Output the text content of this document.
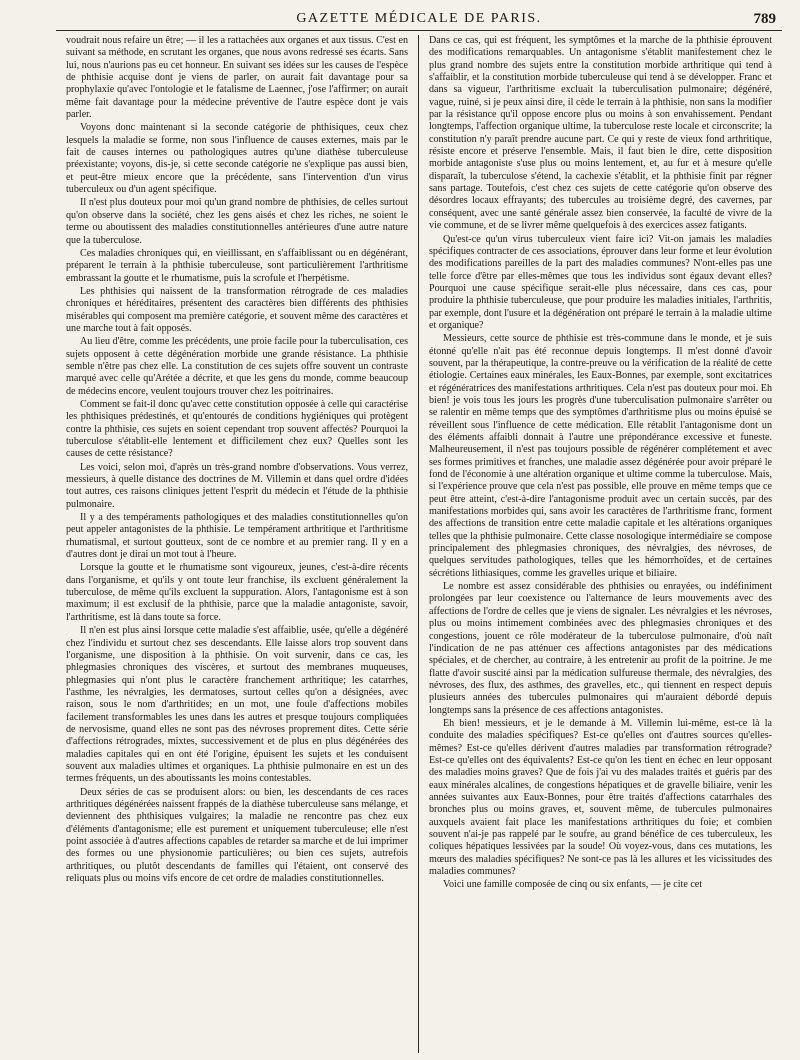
GAZETTE MÉDICALE DE PARIS.	789

voudrait nous refaire un être; — il les a rattachées aux organes et aux tissus. C'est en suivant sa méthode, en scrutant les organes, que nous avons redressé ses écarts. Sans lui, nous n'aurions pas eu cet honneur. En suivant ses idées sur les causes de l'espèce de phthisie acquise dont je viens de parler, on aurait fait davantage pour sa prophylaxie qu'avec l'ontologie et le fatalisme de Laennec, j'ose l'affirmer; on aurait même fait davantage pour la médecine préventive de l'autre espèce dont je vais parler.

Voyons donc maintenant si la seconde catégorie de phthisiques, ceux chez lesquels la maladie se forme, non sous l'influence de causes externes, mais par le fait de causes internes ou pathologiques autres qu'une diathèse tuberculeuse préexistante; voyons, dis-je, si cette seconde catégorie ne s'explique pas aussi bien, et peut-être mieux encore que la précédente, sans l'intervention d'un virus tuberculeux ou d'un agent spécifique.

Il n'est plus douteux pour moi qu'un grand nombre de phthisies, de celles surtout qu'on observe dans la société, chez les gens aisés et chez les riches, ne soient le terme ou aboutissent des maladies constitutionnelles antérieures d'une autre nature que la tuberculose.

Ces maladies chroniques qui, en vieillissant, en s'affaiblissant ou en dégénérant, préparent le terrain à la phthisie tuberculeuse, sont particulièrement l'arthritisme embrassant la goutte et le rhumatisme, puis la scrofule et l'herpétisme.

Les phthisies qui naissent de la transformation rétrograde de ces maladies chroniques et héréditaires, présentent des caractères bien différents des phthisies misérables qui composent ma première catégorie, et souvent même des caractères et une marche tout à fait opposés.

Au lieu d'être, comme les précédents, une proie facile pour la tuberculisation, ces sujets opposent à cette dégénération morbide une grande résistance. La phthisie semble n'être pas chez elle. La constitution de ces sujets offre souvent un contraste marqué avec celle qu'Arétée a décrite, et que les gens du monde, comme beaucoup de médecins encore, veulent toujours trouver chez les poitrinaires.

Comment se fait-il donc qu'avec cette constitution opposée à celle qui caractérise les phthisiques prédestinés, et qu'entourés de conditions hygiéniques qui protègent contre la phthisie, ces sujets en soient cependant trop souvent affectés? Pourquoi la tuberculose s'établit-elle lentement et difficilement chez eux? Quelles sont les causes de cette résistance?

Les voici, selon moi, d'après un très-grand nombre d'observations. Vous verrez, messieurs, à quelle distance des doctrines de M. Villemin et dans quel ordre d'idées tout autres, ces raisons cliniques jettent l'esprit du médecin et l'étude de la phthisie pulmonaire.

Il y a des tempéraments pathologiques et des maladies constitutionnelles qu'on peut appeler antagonistes de la phthisie. Le tempérament arthritique et l'arthritisme rhumatismal, et surtout goutteux, sont de ce nombre et au premier rang. Il y en a d'autres dont je dirai un mot tout à l'heure.

Lorsque la goutte et le rhumatisme sont vigoureux, jeunes, c'est-à-dire récents dans l'organisme, et qu'ils y ont toute leur franchise, ils excluent généralement la tuberculose, de même qu'ils excluent la suppuration. Alors, l'antagonisme est à son maximum; il est exclusif de la phthisie, parce que la maladie antagoniste, savoir, l'arthritisme, est là dans toute sa force.

Il n'en est plus ainsi lorsque cette maladie s'est affaiblie, usée, qu'elle a dégénéré chez l'individu et surtout chez ses descendants. Elle laisse alors trop souvent dans l'organisme, une disposition à la phthisie. On voit survenir, dans ce cas, les phlegmasies chroniques des viscères, et surtout des membranes muqueuses, phlegmasies qui n'ont plus le caractère franchement arthritique; les catarrhes, l'asthme, les névralgies, les dermatoses, surtout celles qu'on a désignées, avec raison, sous le nom d'arthritides; en un mot, une foule d'affections mobiles facilement transformables les unes dans les autres et presque toujours compliquées de nervosisme, quand elles ne sont pas des névroses proprement dites. Cette série d'affections rétrogrades, mixtes, successivement et de plus en plus dégénérées des maladies capitales qui en ont été l'origine, épuisent les sujets et les conduisent souvent aux maladies ultimes et organiques. La phthisie pulmonaire en est un des termes fréquents, un des aboutissants les moins contestables.

Deux séries de cas se produisent alors: ou bien, les descendants de ces races arthritiques dégénérées naissent frappés de la diathèse tuberculeuse sans mélange, et deviennent des phthisiques vulgaires; la maladie ne rencontre pas chez eux d'éléments d'antagonisme; elle est purement et uniquement tuberculeuse; elle n'est point associée à d'autres affections capables de retarder sa marche et de lui imprimer des formes ou une physionomie particulières; ou bien ces sujets, autrefois arthritiques, ou plutôt descendants de familles qui l'étaient, ont conservé des reliquats plus ou moins vifs encore de cet ordre de maladies constitutionnelles.

Dans ce cas, qui est fréquent, les symptômes et la marche de la phthisie éprouvent des modifications remarquables. Un antagonisme s'établit manifestement chez le plus grand nombre des sujets entre la constitution morbide arthritique qui tend à s'affaiblir, et la constitution morbide tuberculeuse qui tend à se développer. Franc et dans sa vigueur, l'arthritisme excluait la tuberculisation pulmonaire; dégénéré, vague, ruiné, si je peux ainsi dire, il cède le terrain à la phthisie, non sans la modifier par la résistance qu'il oppose encore plus ou moins à son envahissement. Pendant longtemps, l'affection organique ultime, la tuberculose reste locale et circonscrite; la constitution n'y paraît prendre aucune part. Ce qui y reste de vieux fond arthritique, résiste encore et préserve l'ensemble. Mais, il faut bien le dire, cette disposition morbide antagoniste s'use plus ou moins lentement, et, au fur et à mesure qu'elle disparaît, la tuberculose s'étend, la cachexie s'établit, et la phthisie finit par régner sans partage. Toutefois, c'est chez ces sujets de cette catégorie qu'on observe des désordres locaux effrayants; des tubercules au troisième degré, des cavernes, par conséquent, avec une santé générale assez bien conservée, la faculté de vivre de la vie commune, et de se livrer même quelquefois à des exercices assez fatigants.

Qu'est-ce qu'un virus tuberculeux vient faire ici? Vit-on jamais les maladies spécifiques contracter de ces associations, éprouver dans leur forme et leur évolution des modifications pareilles de la part des maladies communes? N'ont-elles pas une telle force d'être par elles-mêmes que tous les individus sont égaux devant elles? Pourquoi une cause spécifique serait-elle plus nécessaire, dans ces cas, pour produire la phthisie tuberculeuse, que pour produire les maladies initiales, l'arthritis, par exemple, dont l'usure et la dégénération ont préparé le terrain à la maladie ultime et organique?

Messieurs, cette source de phthisie est très-commune dans le monde, et je suis étonné qu'elle n'ait pas été reconnue depuis longtemps. Il m'est donné d'avoir souvent, par la thérapeutique, la contre-preuve ou la vérification de la réalité de cette étiologie. Certaines eaux minérales, les Eaux-Bonnes, par exemple, sont excitatrices et régénératrices des manifestations arthritiques. Cela n'est pas douteux pour moi. Eh bien! je vois tous les jours les progrès d'une tuberculisation pulmonaire s'arrêter ou se ralentir en même temps que des symptômes d'arthritisme plus ou moins épuisé se réveillent sous l'influence de cette médication. Elle rétablit l'antagonisme dont un des éléments affaibli donnait à l'autre une prépondérance excessive et funeste. Malheureusement, il n'est pas toujours possible de régénérer complétement et avec ses formes primitives et franches, une maladie assez dégénérée pour avoir préparé le fond de l'économie à une altération organique et ultime comme la tuberculose. Mais, si l'expérience prouve que cela n'est pas possible, elle prouve en même temps que ce peut être atteint, c'est-à-dire l'antagonisme produit avec un certain succès, par des manifestations morbides qui, sans avoir les caractères de l'arthritisme franc, forment des affections de transition entre cette maladie capitale et les altérations organiques telles que la phthisie pulmonaire. Cette classe nosologique intermédiaire se compose principalement des phlegmasies chroniques, des névralgies, des névroses, de quelques servitudes pathologiques, telles que les hémorrhoïdes, et de certaines sécrétions lithiasiques, comme les gravelles urique et biliaire.

Le nombre est assez considérable des phthisies ou enrayées, ou indéfiniment prolongées par leur coexistence ou l'alternance de leurs mouvements avec des affections de l'ordre de celles que je viens de signaler. Les névralgies et les névroses, plus ou moins intimement combinées avec des phlegmasies chroniques et des congestions, jouent ce rôle modérateur de la tuberculose pulmonaire, d'où naît l'indication de ne pas atténuer ces affections antagonistes par des médications spéciales, et de chercher, au contraire, à les entretenir au profit de la poitrine. Je me flatte d'avoir suscité ainsi par la médication sulfureuse thermale, des névralgies, des névroses, des flux, des asthmes, des gravelles, etc., qui tiennent en respect depuis plusieurs années des tubercules pulmonaires qui m'auraient débordé depuis longtemps sans la présence de ces affections antagonistes.

Eh bien! messieurs, et je le demande à M. Villemin lui-même, est-ce là la conduite des maladies spécifiques? Est-ce qu'elles ont d'autres sources qu'elles-mêmes? Est-ce qu'elles dérivent d'autres maladies par transformation rétrograde? Est-ce qu'elles ont des équivalents? Est-ce qu'on les tient en échec en leur opposant des maladies moins graves? Que de fois j'ai vu des malades traités et guéris par des eaux minérales alcalines, de congestions hépatiques et de gravelle biliaire, venir les années suivantes aux Eaux-Bonnes, pour être traités d'affections catarrhales des bronches plus ou moins graves, et, souvent même, de tubercules pulmonaires auxquels avaient fait place les manifestations arthritiques du foie; et combien souvent n'ai-je pas rappelé par le soufre, au grand bénéfice de ces tuberculeux, les coliques hépatiques lessivées par la soude! Où voyez-vous, dans ces mutations, les mœurs des maladies spécifiques? Ne sont-ce pas là les allures et les vicissitudes des maladies communes?

Voici une famille composée de cinq ou six enfants, — je cite cet
